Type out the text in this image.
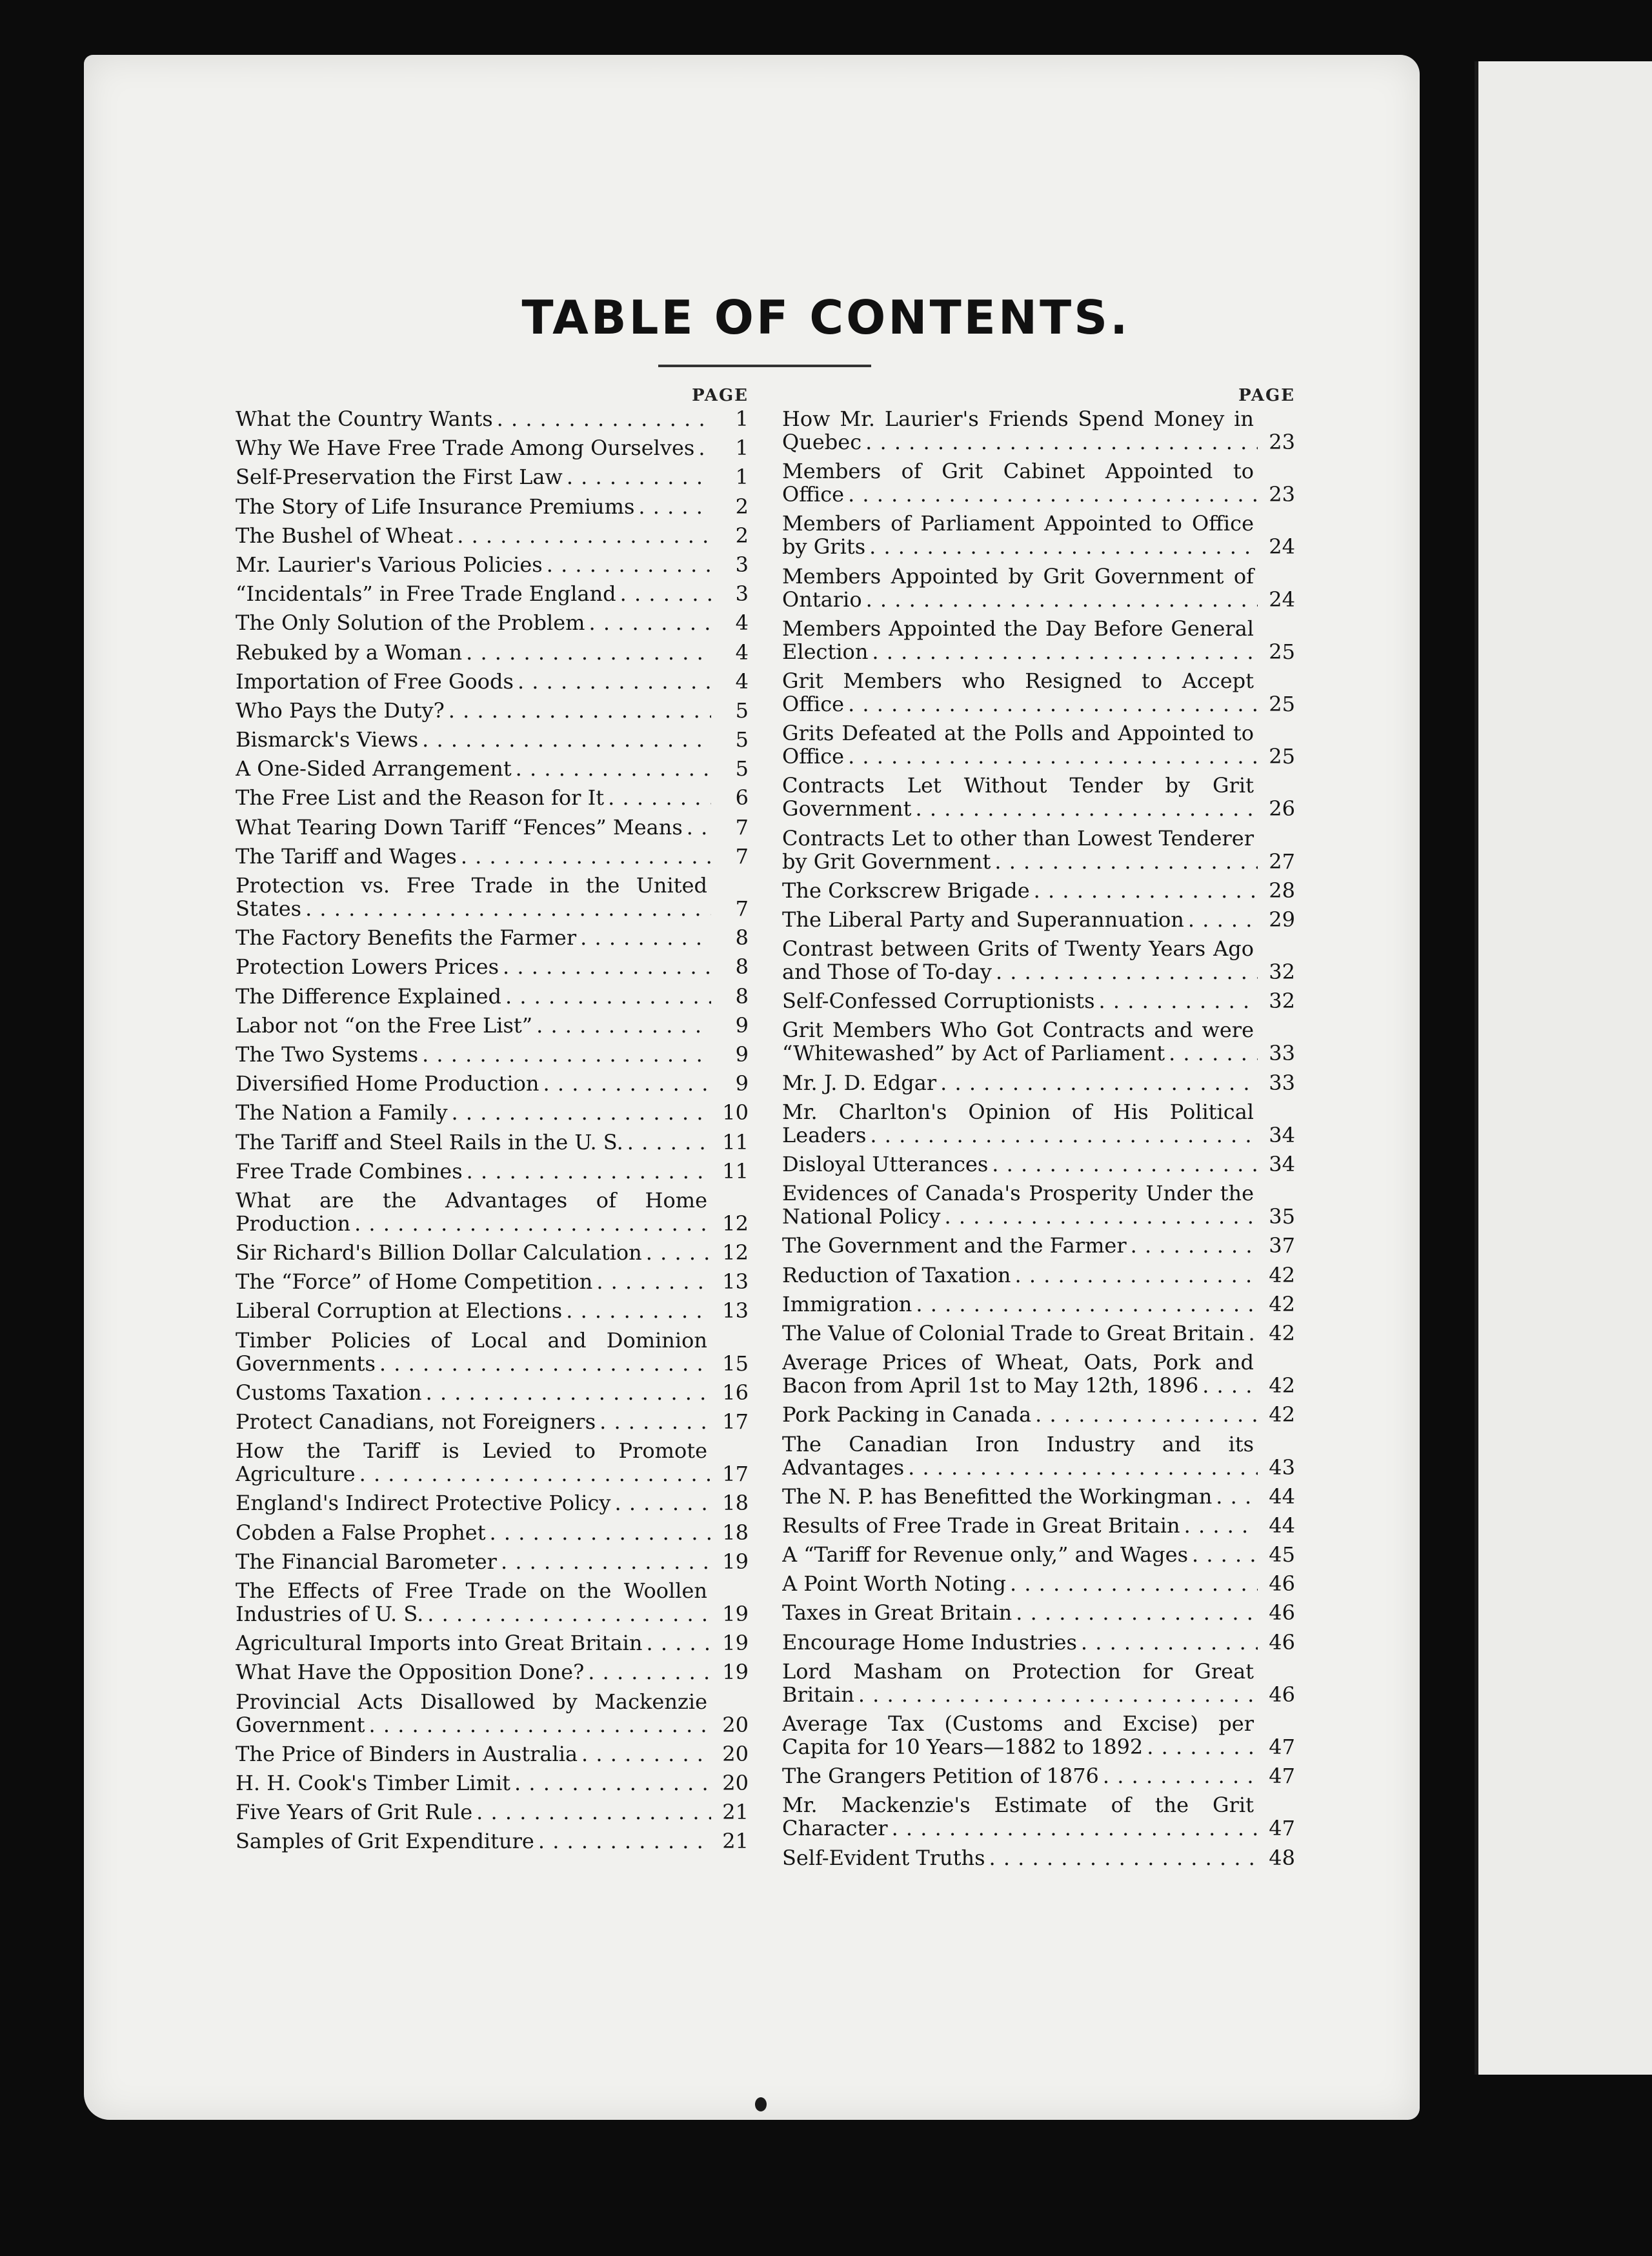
TABLE OF CONTENTS.
PAGE
What the Country Wants . . .	1
Why We Have Free Trade Among Ourselves . . .	1
Self-Preservation the First Law . . .	1
The Story of Life Insurance Premiums . . .	2
The Bushel of Wheat . . .	2
Mr. Laurier's Various Policies . . .	3
“Incidentals” in Free Trade England . . .	3
The Only Solution of the Problem . . .	4
Rebuked by a Woman . . .	4
Importation of Free Goods . . .	4
Who Pays the Duty? . . .	5
Bismarck's Views . . .	5
A One-Sided Arrangement . . .	5
The Free List and the Reason for It . . .	6
What Tearing Down Tariff “Fences” Means . . .	7
The Tariff and Wages . . .	7
Protection vs. Free Trade in the United States . . .	7
The Factory Benefits the Farmer . . .	8
Protection Lowers Prices . . .	8
The Difference Explained . . .	8
Labor not “on the Free List” . . .	9
The Two Systems . . .	9
Diversified Home Production . . .	9
The Nation a Family . . .	10
The Tariff and Steel Rails in the U. S. . . .	11
Free Trade Combines . . .	11
What are the Advantages of Home Production . . .	12
Sir Richard's Billion Dollar Calculation . . .	12
The “Force” of Home Competition . . .	13
Liberal Corruption at Elections . . .	13
Timber Policies of Local and Dominion Governments . . .	15
Customs Taxation . . .	16
Protect Canadians, not Foreigners . . .	17
How the Tariff is Levied to Promote Agriculture . . .	17
England's Indirect Protective Policy . . .	18
Cobden a False Prophet . . .	18
The Financial Barometer . . .	19
The Effects of Free Trade on the Woollen Industries of U. S. . . .	19
Agricultural Imports into Great Britain . . .	19
What Have the Opposition Done? . . .	19
Provincial Acts Disallowed by Mackenzie Government . . .	20
The Price of Binders in Australia . . .	20
H. H. Cook's Timber Limit . . .	20
Five Years of Grit Rule . . .	21
Samples of Grit Expenditure . . .	21
PAGE
How Mr. Laurier's Friends Spend Money in Quebec . . .	23
Members of Grit Cabinet Appointed to Office . . .	23
Members of Parliament Appointed to Office by Grits . . .	24
Members Appointed by Grit Government of Ontario . . .	24
Members Appointed the Day Before General Election . . .	25
Grit Members who Resigned to Accept Office . . .	25
Grits Defeated at the Polls and Appointed to Office . . .	25
Contracts Let Without Tender by Grit Government . . .	26
Contracts Let to other than Lowest Tenderer by Grit Government . . .	27
The Corkscrew Brigade . . .	28
The Liberal Party and Superannuation . . .	29
Contrast between Grits of Twenty Years Ago and Those of To-day . . .	32
Self-Confessed Corruptionists . . .	32
Grit Members Who Got Contracts and were “Whitewashed” by Act of Parliament . . .	33
Mr. J. D. Edgar . . .	33
Mr. Charlton's Opinion of His Political Leaders . . .	34
Disloyal Utterances . . .	34
Evidences of Canada's Prosperity Under the National Policy . . .	35
The Government and the Farmer . . .	37
Reduction of Taxation . . .	42
Immigration . . .	42
The Value of Colonial Trade to Great Britain . . .	42
Average Prices of Wheat, Oats, Pork and Bacon from April 1st to May 12th, 1896 . . .	42
Pork Packing in Canada . . .	42
The Canadian Iron Industry and its Advantages . . .	43
The N. P. has Benefitted the Workingman . . .	44
Results of Free Trade in Great Britain . . .	44
A “Tariff for Revenue only,” and Wages . . .	45
A Point Worth Noting . . .	46
Taxes in Great Britain . . .	46
Encourage Home Industries . . .	46
Lord Masham on Protection for Great Britain . . .	46
Average Tax (Customs and Excise) per Capita for 10 Years—1882 to 1892 . . .	47
The Grangers Petition of 1876 . . .	47
Mr. Mackenzie's Estimate of the Grit Character . . .	47
Self-Evident Truths . . .	48
